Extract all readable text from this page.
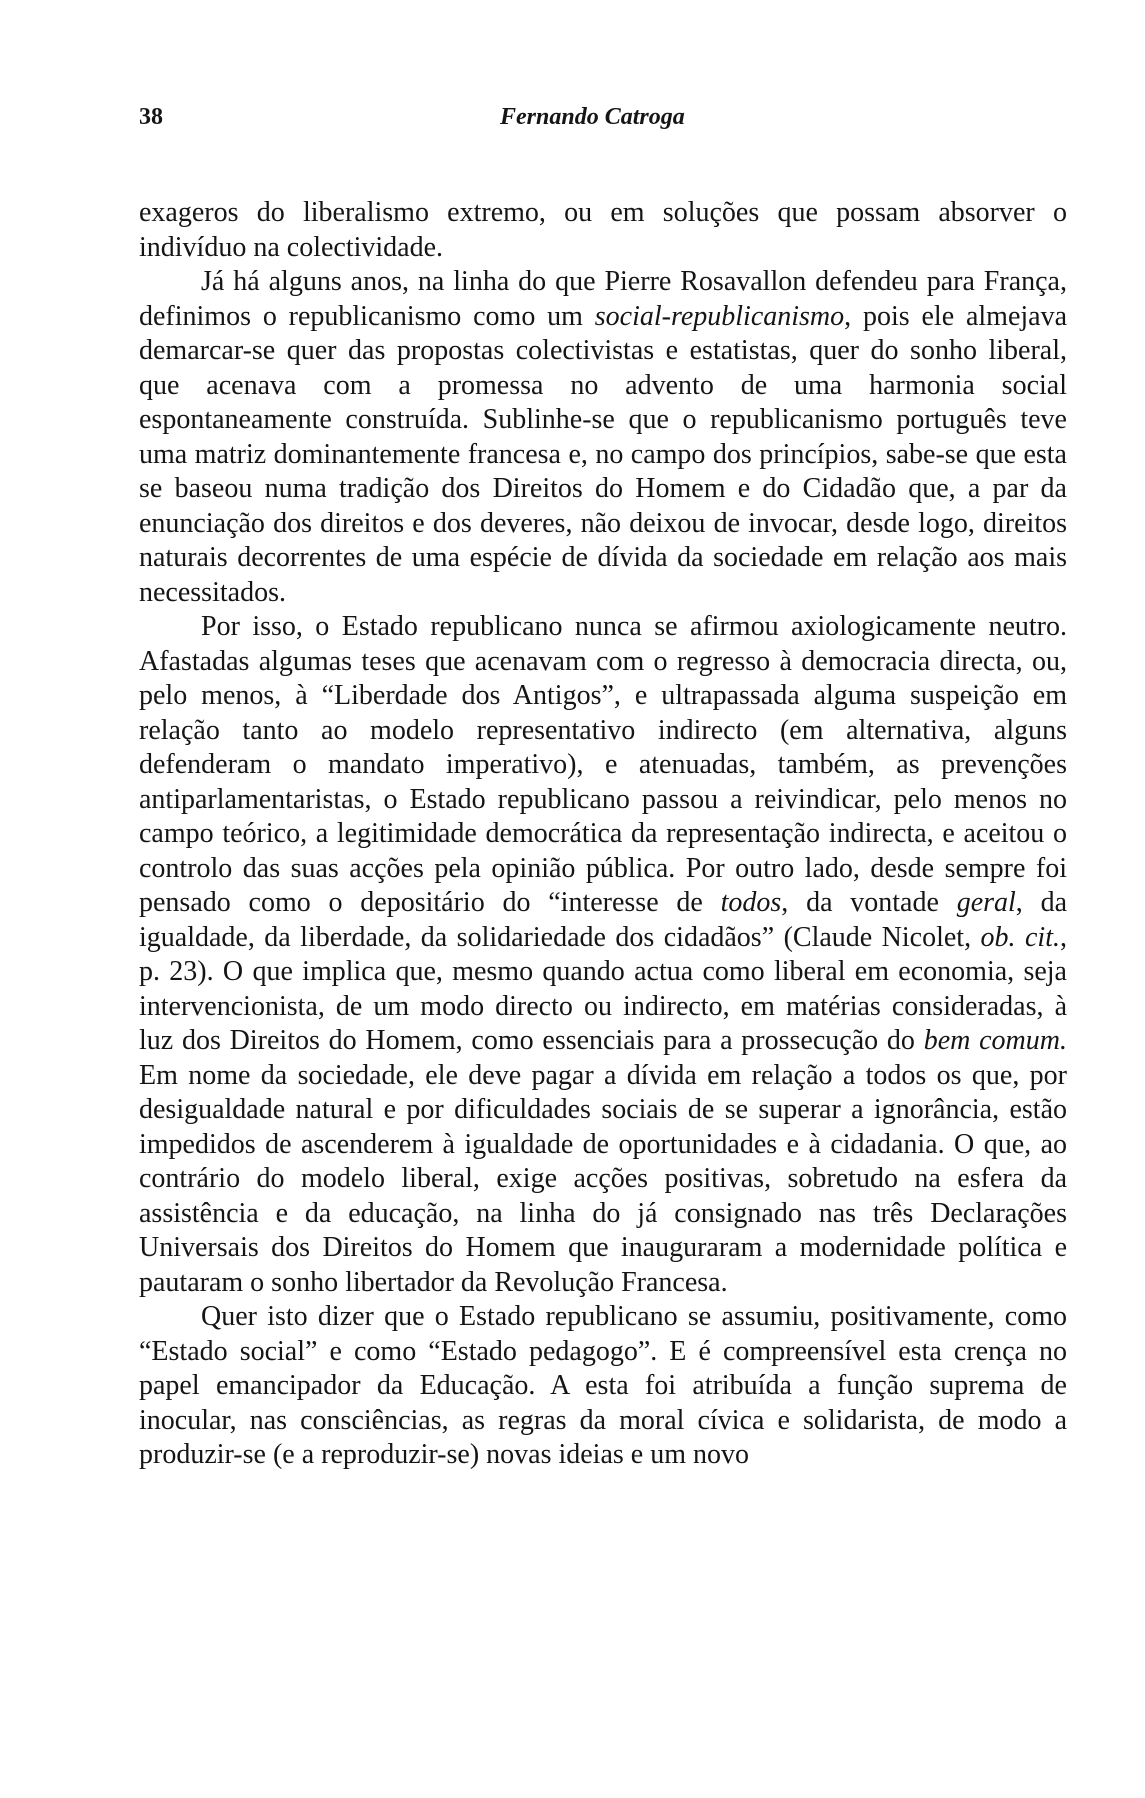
38	Fernando Catroga

exageros do liberalismo extremo, ou em soluções que possam absorver o indivíduo na colectividade.

Já há alguns anos, na linha do que Pierre Rosavallon defendeu para França, definimos o republicanismo como um social-republicanismo, pois ele almejava demarcar-se quer das propostas colectivistas e estatistas, quer do sonho liberal, que acenava com a promessa no advento de uma harmonia social espontaneamente construída. Sublinhe-se que o republicanismo português teve uma matriz dominantemente francesa e, no campo dos princípios, sabe-se que esta se baseou numa tradição dos Direitos do Homem e do Cidadão que, a par da enunciação dos direitos e dos deveres, não deixou de invocar, desde logo, direitos naturais decorrentes de uma espécie de dívida da sociedade em relação aos mais necessitados.

Por isso, o Estado republicano nunca se afirmou axiologicamente neutro. Afastadas algumas teses que acenavam com o regresso à democracia directa, ou, pelo menos, à “Liberdade dos Antigos”, e ultrapassada alguma suspeição em relação tanto ao modelo representativo indirecto (em alternativa, alguns defenderam o mandato imperativo), e atenuadas, também, as prevenções antiparlamentaristas, o Estado republicano passou a reivindicar, pelo menos no campo teórico, a legitimidade democrática da representação indirecta, e aceitou o controlo das suas acções pela opinião pública. Por outro lado, desde sempre foi pensado como o depositário do “interesse de todos, da vontade geral, da igualdade, da liberdade, da solidariedade dos cidadãos” (Claude Nicolet, ob. cit., p. 23). O que implica que, mesmo quando actua como liberal em economia, seja intervencionista, de um modo directo ou indirecto, em matérias consideradas, à luz dos Direitos do Homem, como essenciais para a prossecução do bem comum. Em nome da sociedade, ele deve pagar a dívida em relação a todos os que, por desigualdade natural e por dificuldades sociais de se superar a ignorância, estão impedidos de ascenderem à igualdade de oportunidades e à cidadania. O que, ao contrário do modelo liberal, exige acções positivas, sobretudo na esfera da assistência e da educação, na linha do já consignado nas três Declarações Universais dos Direitos do Homem que inauguraram a modernidade política e pautaram o sonho libertador da Revolução Francesa.

Quer isto dizer que o Estado republicano se assumiu, positivamente, como “Estado social” e como “Estado pedagogo”. E é compreensível esta crença no papel emancipador da Educação. A esta foi atribuída a função suprema de inocular, nas consciências, as regras da moral cívica e solidarista, de modo a produzir-se (e a reproduzir-se) novas ideias e um novo
